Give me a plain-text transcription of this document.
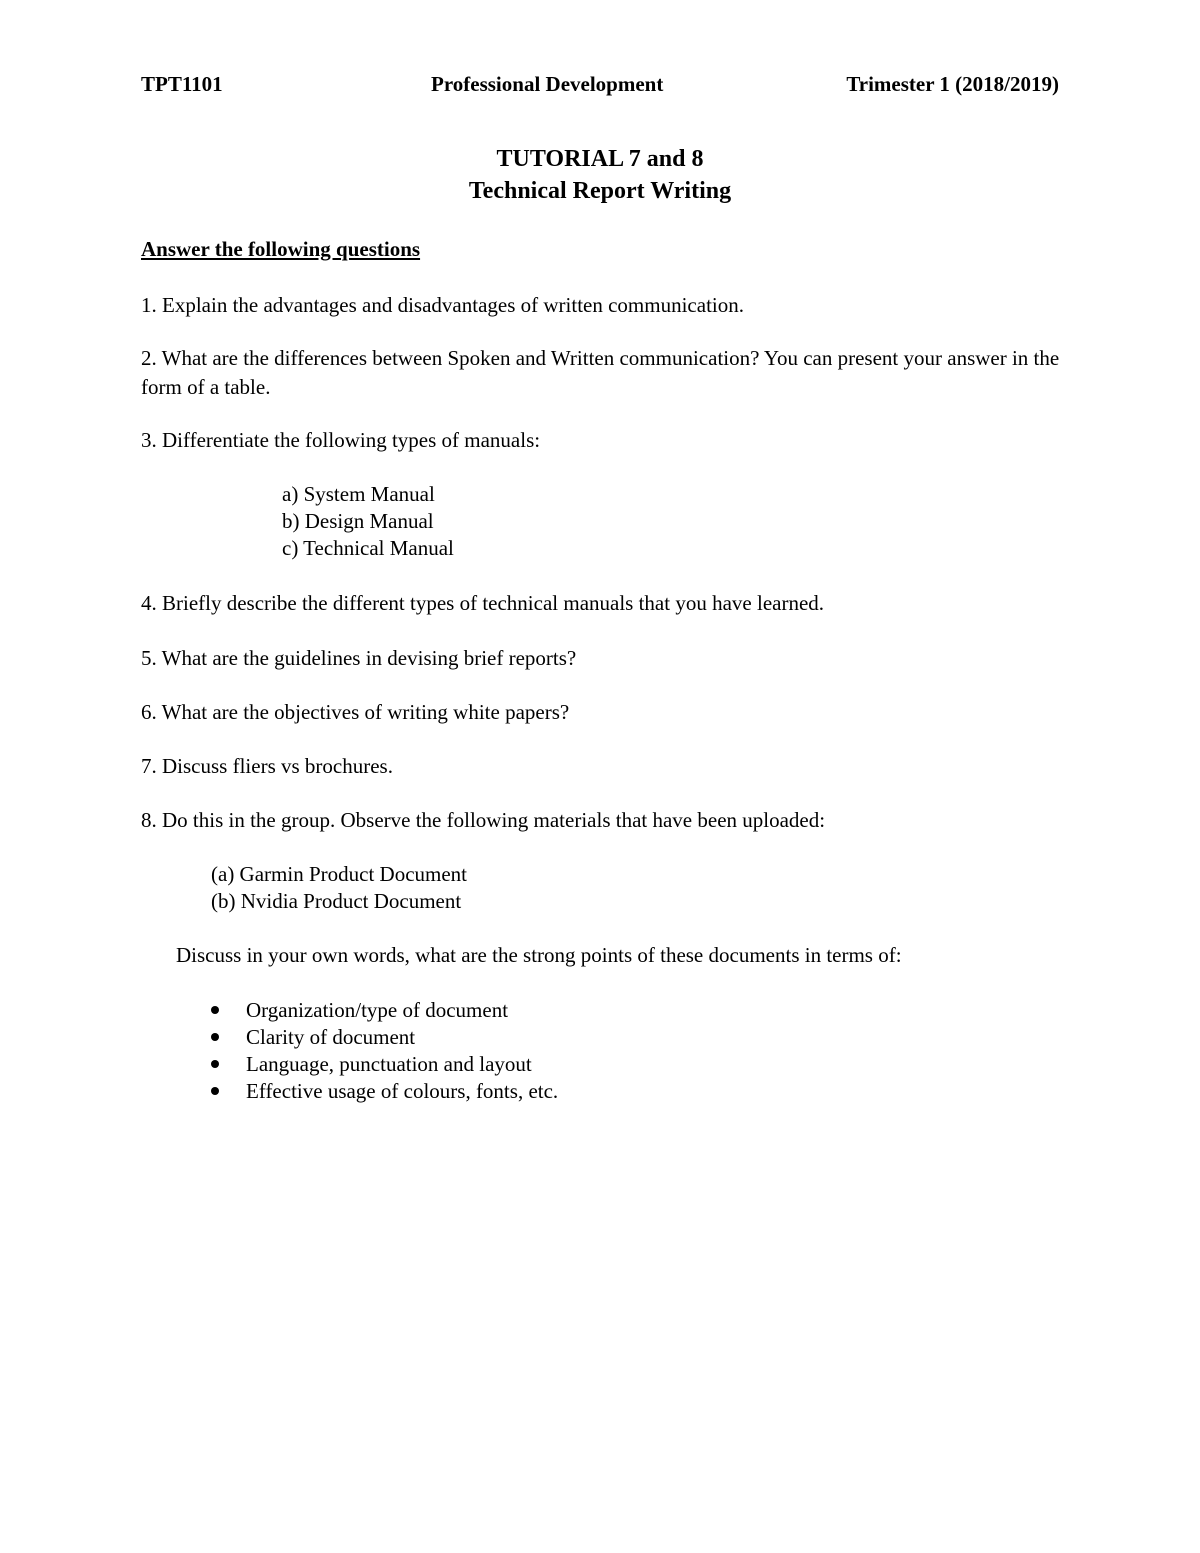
TPT1101	Professional Development	Trimester 1 (2018/2019)
TUTORIAL 7 and 8
Technical Report Writing
Answer the following questions
1. Explain the advantages and disadvantages of written communication.
2. What are the differences between Spoken and Written communication? You can present your answer in the form of a table.
3. Differentiate the following types of manuals:
a) System Manual
b) Design Manual
c) Technical Manual
4. Briefly describe the different types of technical manuals that you have learned.
5. What are the guidelines in devising brief reports?
6. What are the objectives of writing white papers?
7. Discuss fliers vs brochures.
8. Do this in the group. Observe the following materials that have been uploaded:
(a) Garmin Product Document
(b) Nvidia Product Document
Discuss in your own words, what are the strong points of these documents in terms of:
Organization/type of document
Clarity of document
Language, punctuation and layout
Effective usage of colours, fonts, etc.
